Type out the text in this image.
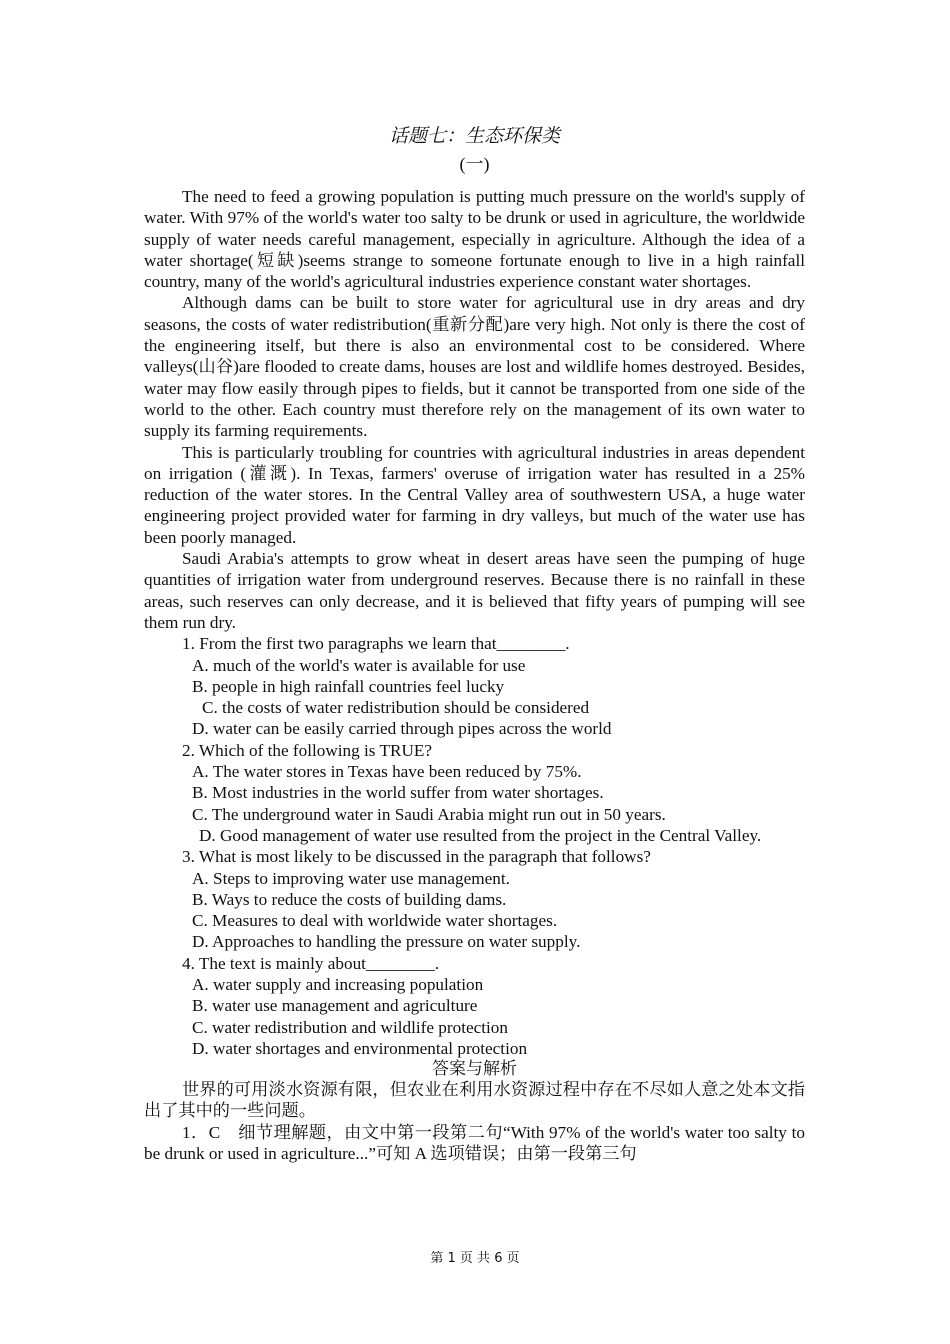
话题七：生态环保类
(一)

The need to feed a growing population is putting much pressure on the world's supply of water. With 97% of the world's water too salty to be drunk or used in agriculture, the worldwide supply of water needs careful management, especially in agriculture. Although the idea of a water shortage(短缺)seems strange to someone fortunate enough to live in a high rainfall country, many of the world's agricultural industries experience constant water shortages.

Although dams can be built to store water for agricultural use in dry areas and dry seasons, the costs of water redistribution(重新分配)are very high. Not only is there the cost of the engineering itself, but there is also an environmental cost to be considered. Where valleys(山谷)are flooded to create dams, houses are lost and wildlife homes destroyed. Besides, water may flow easily through pipes to fields, but it cannot be transported from one side of the world to the other. Each country must therefore rely on the management of its own water to supply its farming requirements.

This is particularly troubling for countries with agricultural industries in areas dependent on irrigation (灌溉). In Texas, farmers' overuse of irrigation water has resulted in a 25% reduction of the water stores. In the Central Valley area of southwestern USA, a huge water engineering project provided water for farming in dry valleys, but much of the water use has been poorly managed.

Saudi Arabia's attempts to grow wheat in desert areas have seen the pumping of huge quantities of irrigation water from underground reserves. Because there is no rainfall in these areas, such reserves can only decrease, and it is believed that fifty years of pumping will see them run dry.

1. From the first two paragraphs we learn that________.

A. much of the world's water is available for use

B. people in high rainfall countries feel lucky

C. the costs of water redistribution should be considered

D. water can be easily carried through pipes across the world

2. Which of the following is TRUE?

A. The water stores in Texas have been reduced by 75%.

B. Most industries in the world suffer from water shortages.

C. The underground water in Saudi Arabia might run out in 50 years.

D. Good management of water use resulted from the project in the Central Valley.

3. What is most likely to be discussed in the paragraph that follows?

A. Steps to improving water use management.

B. Ways to reduce the costs of building dams.

C. Measures to deal with worldwide water shortages.

D. Approaches to handling the pressure on water supply.

4. The text is mainly about________.

A. water supply and increasing population

B. water use management and agriculture

C. water redistribution and wildlife protection

D. water shortages and environmental protection

答案与解析

世界的可用淡水资源有限，但农业在利用水资源过程中存在不尽如人意之处本文指出了其中的一些问题。

1．C　细节理解题，由文中第一段第二句“With 97% of the world's water too salty to be drunk or used in agriculture...”可知 A 选项错误；由第一段第三句

第 1 页 共 6 页
